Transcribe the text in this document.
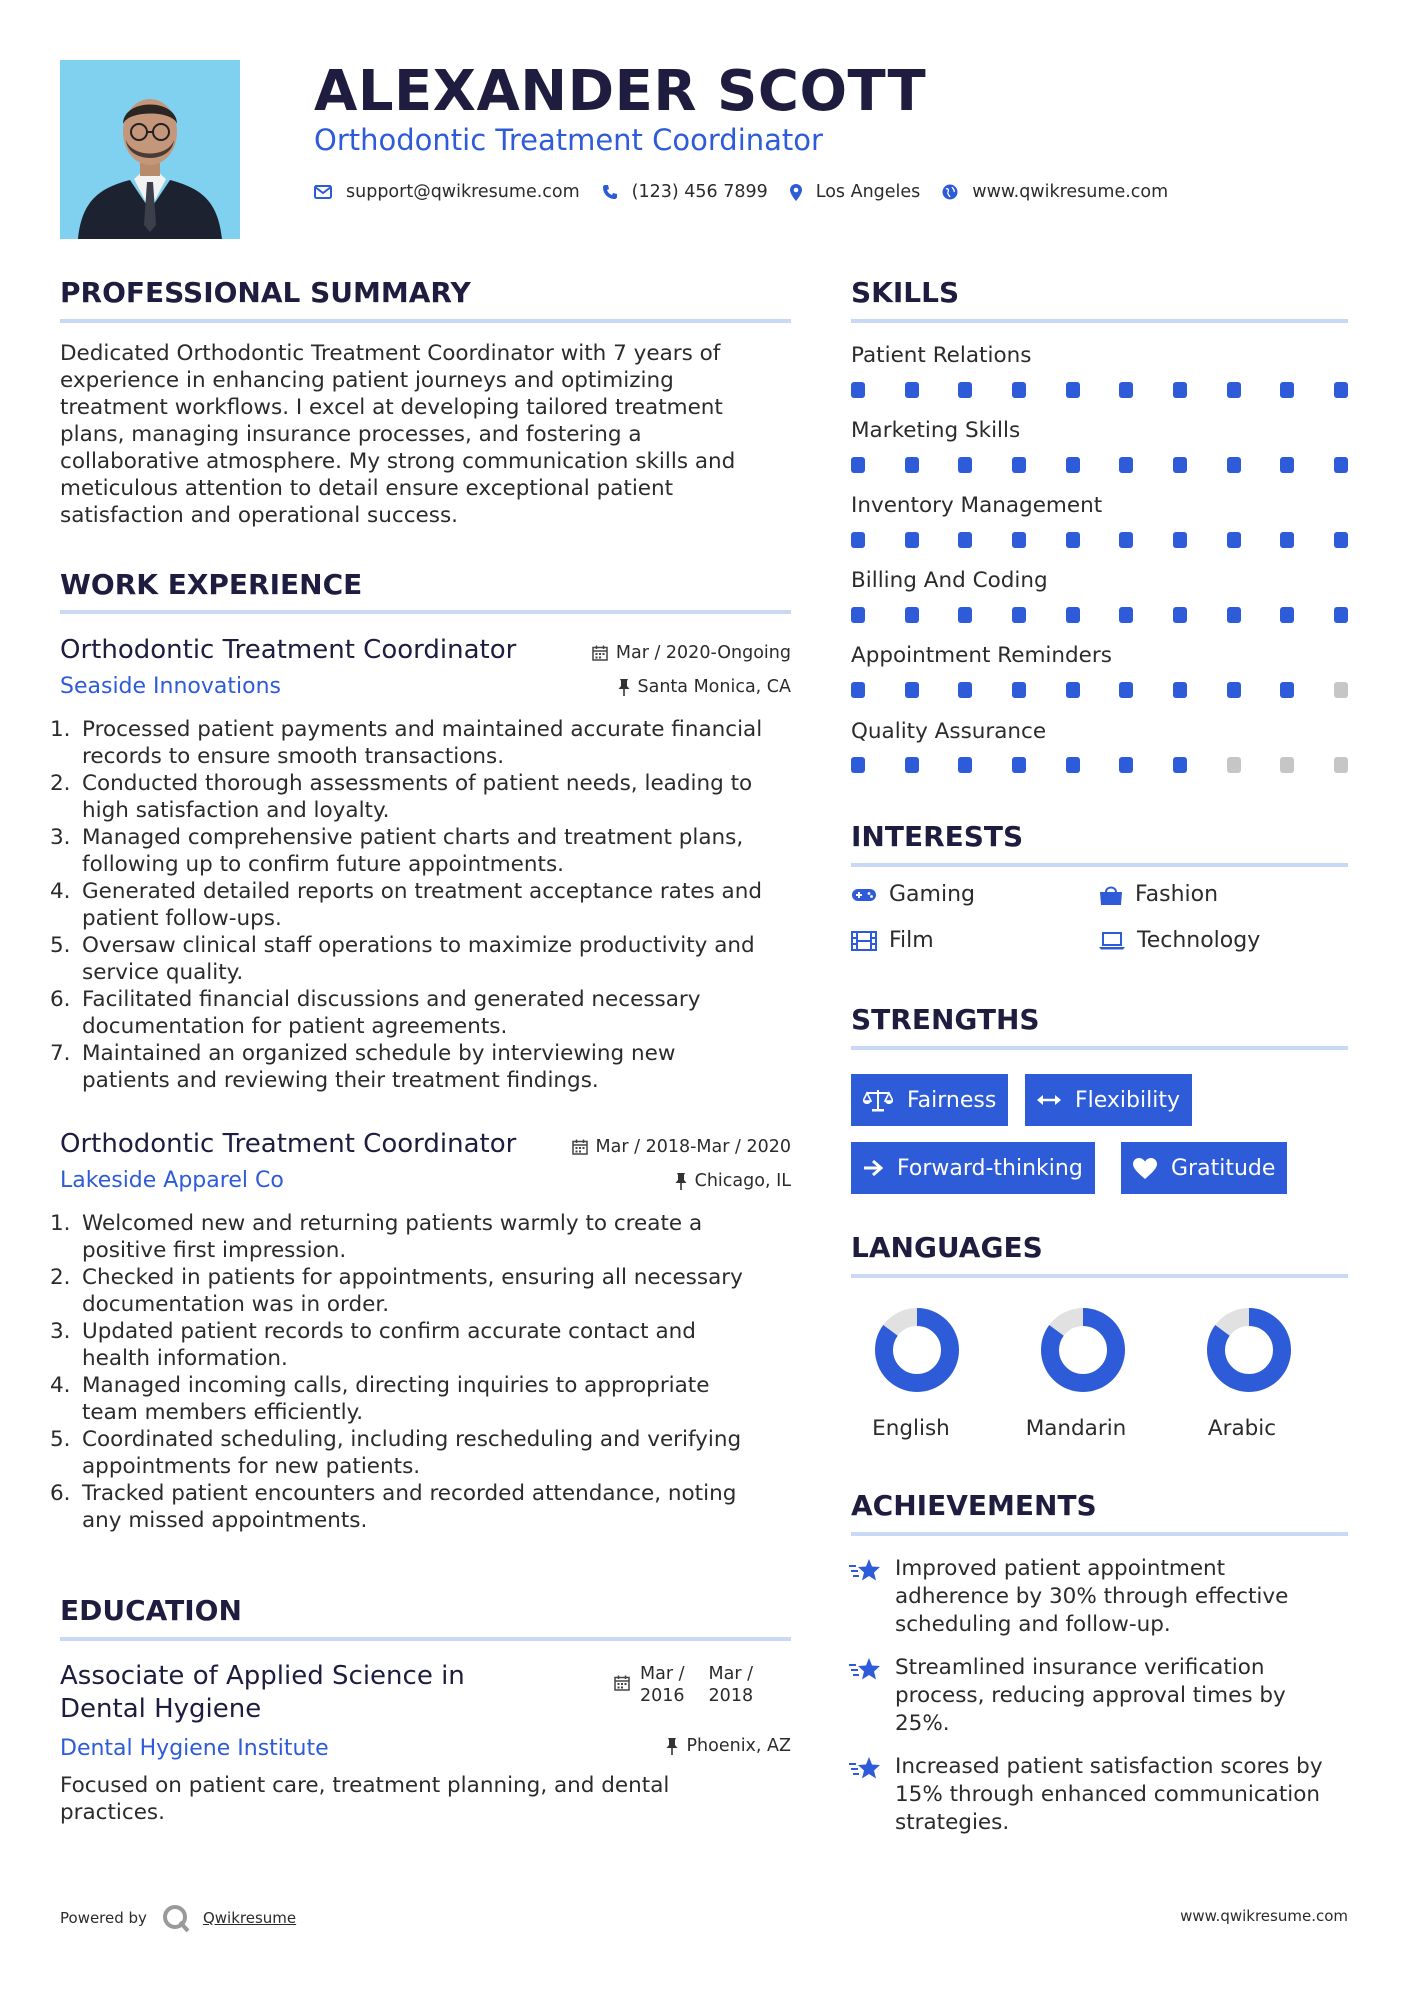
ALEXANDER SCOTT
Orthodontic Treatment Coordinator
support@qwikresume.com	(123) 456 7899	Los Angeles	www.qwikresume.com
PROFESSIONAL SUMMARY
Dedicated Orthodontic Treatment Coordinator with 7 years of
experience in enhancing patient journeys and optimizing
treatment workflows. I excel at developing tailored treatment
plans, managing insurance processes, and fostering a
collaborative atmosphere. My strong communication skills and
meticulous attention to detail ensure exceptional patient
satisfaction and operational success.
WORK EXPERIENCE
Orthodontic Treatment Coordinator	Mar / 2020-Ongoing
Seaside Innovations	Santa Monica, CA
1. Processed patient payments and maintained accurate financial
records to ensure smooth transactions.
2. Conducted thorough assessments of patient needs, leading to
high satisfaction and loyalty.
3. Managed comprehensive patient charts and treatment plans,
following up to confirm future appointments.
4. Generated detailed reports on treatment acceptance rates and
patient follow-ups.
5. Oversaw clinical staff operations to maximize productivity and
service quality.
6. Facilitated financial discussions and generated necessary
documentation for patient agreements.
7. Maintained an organized schedule by interviewing new
patients and reviewing their treatment findings.
Orthodontic Treatment Coordinator	Mar / 2018-Mar / 2020
Lakeside Apparel Co	Chicago, IL
1. Welcomed new and returning patients warmly to create a
positive first impression.
2. Checked in patients for appointments, ensuring all necessary
documentation was in order.
3. Updated patient records to confirm accurate contact and
health information.
4. Managed incoming calls, directing inquiries to appropriate
team members efficiently.
5. Coordinated scheduling, including rescheduling and verifying
appointments for new patients.
6. Tracked patient encounters and recorded attendance, noting
any missed appointments.
EDUCATION
Associate of Applied Science in
Dental Hygiene
Mar /
2016
Mar /
2018
Dental Hygiene Institute	Phoenix, AZ
Focused on patient care, treatment planning, and dental
practices.
SKILLS
Patient Relations
Marketing Skills
Inventory Management
Billing And Coding
Appointment Reminders
Quality Assurance
INTERESTS
Gaming	Fashion
Film	Technology
STRENGTHS
Fairness	Flexibility
Forward-thinking	Gratitude
LANGUAGES
English	Mandarin	Arabic
ACHIEVEMENTS
Improved patient appointment
adherence by 30% through effective
scheduling and follow-up.
Streamlined insurance verification
process, reducing approval times by
25%.
Increased patient satisfaction scores by
15% through enhanced communication
strategies.
Powered by	Qwikresume	www.qwikresume.com
